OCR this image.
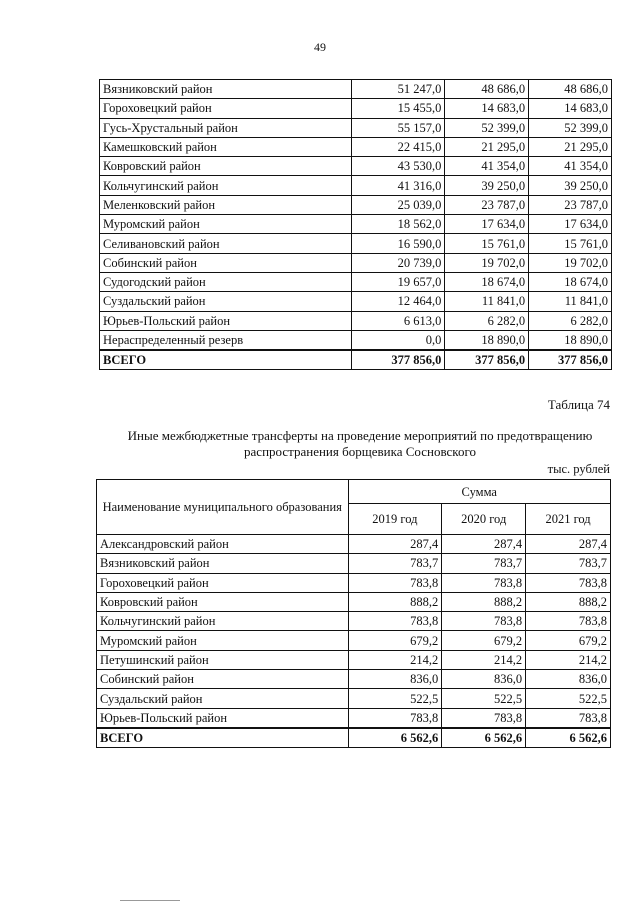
49
Вязниковский район	51 247,0	48 686,0	48 686,0
Гороховецкий район	15 455,0	14 683,0	14 683,0
Гусь-Хрустальный район	55 157,0	52 399,0	52 399,0
Камешковский район	22 415,0	21 295,0	21 295,0
Ковровский район	43 530,0	41 354,0	41 354,0
Кольчугинский район	41 316,0	39 250,0	39 250,0
Меленковский район	25 039,0	23 787,0	23 787,0
Муромский район	18 562,0	17 634,0	17 634,0
Селивановский район	16 590,0	15 761,0	15 761,0
Собинский район	20 739,0	19 702,0	19 702,0
Судогодский район	19 657,0	18 674,0	18 674,0
Суздальский район	12 464,0	11 841,0	11 841,0
Юрьев-Польский район	6 613,0	6 282,0	6 282,0
Нераспределенный резерв	0,0	18 890,0	18 890,0
ВСЕГО	377 856,0	377 856,0	377 856,0
Таблица 74
Иные межбюджетные трансферты на проведение мероприятий по предотвращению
распространения борщевика Сосновского
тыс. рублей
Наименование муниципального образования	Сумма		
	2019 год	2020 год	2021 год
Александровский район	287,4	287,4	287,4
Вязниковский район	783,7	783,7	783,7
Гороховецкий район	783,8	783,8	783,8
Ковровский район	888,2	888,2	888,2
Кольчугинский район	783,8	783,8	783,8
Муромский район	679,2	679,2	679,2
Петушинский район	214,2	214,2	214,2
Собинский район	836,0	836,0	836,0
Суздальский район	522,5	522,5	522,5
Юрьев-Польский район	783,8	783,8	783,8
ВСЕГО	6 562,6	6 562,6	6 562,6
